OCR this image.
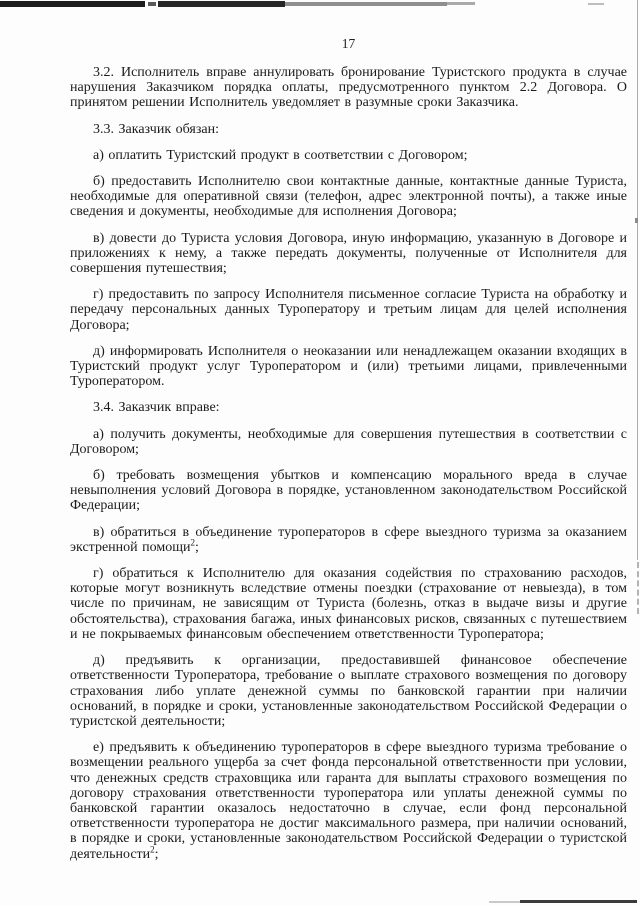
17

3.2. Исполнитель вправе аннулировать бронирование Туристского продукта в случае нарушения Заказчиком порядка оплаты, предусмотренного пунктом 2.2 Договора. О принятом решении Исполнитель уведомляет в разумные сроки Заказчика.

3.3. Заказчик обязан:

а) оплатить Туристский продукт в соответствии с Договором;

б) предоставить Исполнителю свои контактные данные, контактные данные Туриста, необходимые для оперативной связи (телефон, адрес электронной почты), а также иные сведения и документы, необходимые для исполнения Договора;

в) довести до Туриста условия Договора, иную информацию, указанную в Договоре и приложениях к нему, а также передать документы, полученные от Исполнителя для совершения путешествия;

г) предоставить по запросу Исполнителя письменное согласие Туриста на обработку и передачу персональных данных Туроператору и третьим лицам для целей исполнения Договора;

д) информировать Исполнителя о неоказании или ненадлежащем оказании входящих в Туристский продукт услуг Туроператором и (или) третьими лицами, привлеченными Туроператором.

3.4. Заказчик вправе:

а) получить документы, необходимые для совершения путешествия в соответствии с Договором;

б) требовать возмещения убытков и компенсацию морального вреда в случае невыполнения условий Договора в порядке, установленном законодательством Российской Федерации;

в) обратиться в объединение туроператоров в сфере выездного туризма за оказанием экстренной помощи$^2$;

г) обратиться к Исполнителю для оказания содействия по страхованию расходов, которые могут возникнуть вследствие отмены поездки (страхование от невыезда), в том числе по причинам, не зависящим от Туриста (болезнь, отказ в выдаче визы и другие обстоятельства), страхования багажа, иных финансовых рисков, связанных с путешествием и не покрываемых финансовым обеспечением ответственности Туроператора;

д) предъявить к организации, предоставившей финансовое обеспечение ответственности Туроператора, требование о выплате страхового возмещения по договору страхования либо уплате денежной суммы по банковской гарантии при наличии оснований, в порядке и сроки, установленные законодательством Российской Федерации о туристской деятельности;

е) предъявить к объединению туроператоров в сфере выездного туризма требование о возмещении реального ущерба за счет фонда персональной ответственности при условии, что денежных средств страховщика или гаранта для выплаты страхового возмещения по договору страхования ответственности туроператора или уплаты денежной суммы по банковской гарантии оказалось недостаточно в случае, если фонд персональной ответственности туроператора не достиг максимального размера, при наличии оснований, в порядке и сроки, установленные законодательством Российской Федерации о туристской деятельности$^2$;
